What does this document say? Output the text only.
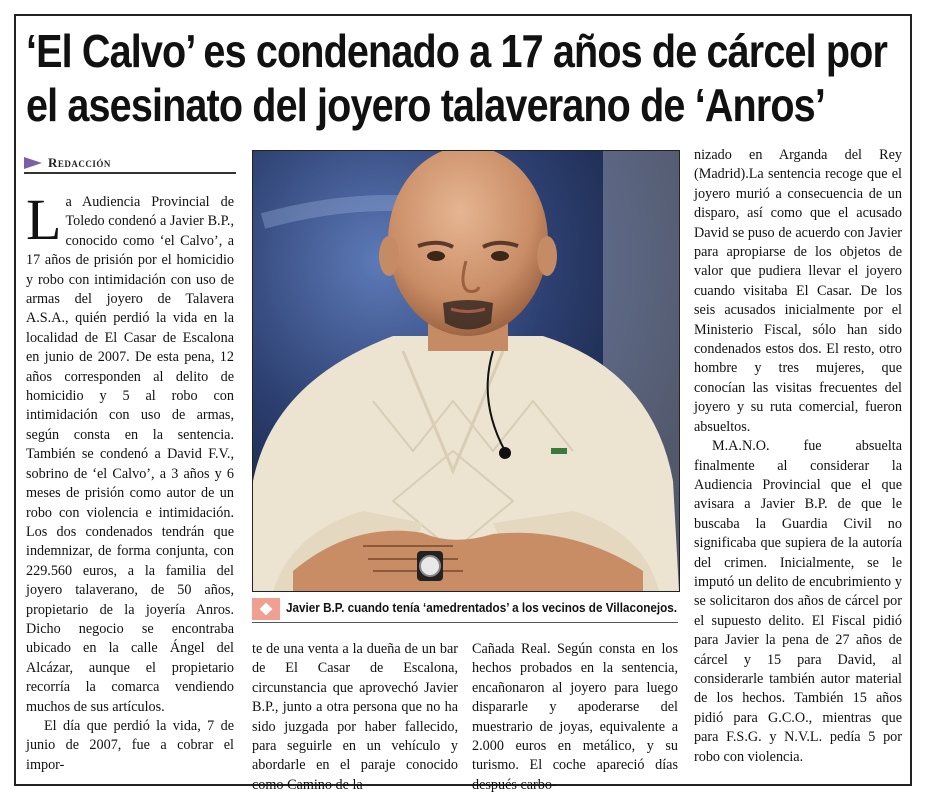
‘El Calvo’ es condenado a 17 años de cárcel por
el asesinato del joyero talaverano de ‘Anros’
Redacción

La Audiencia Provincial de Toledo condenó a Javier B.P., conocido como ‘el Calvo’, a 17 años de prisión por el homicidio y robo con intimidación con uso de armas del joyero de Talavera A.S.A., quién perdió la vida en la localidad de El Casar de Escalona en junio de 2007. De esta pena, 12 años corresponden al delito de homicidio y 5 al robo con intimidación con uso de armas, según consta en la sentencia. También se condenó a David F.V., sobrino de ‘el Calvo’, a 3 años y 6 meses de prisión como autor de un robo con violencia e intimidación. Los dos condenados tendrán que indemnizar, de forma conjunta, con 229.560 euros, a la familia del joyero talaverano, de 50 años, propietario de la joyería Anros. Dicho negocio se encontraba ubicado en la calle Ángel del Alcázar, aunque el propietario recorría la comarca vendiendo muchos de sus artículos.

El día que perdió la vida, 7 de junio de 2007, fue a cobrar el impor-

Javier B.P. cuando tenía ‘amedrentados’ a los vecinos de Villaconejos.

te de una venta a la dueña de un bar de El Casar de Escalona, circunstancia que aprovechó Javier B.P., junto a otra persona que no ha sido juzgada por haber fallecido, para seguirle en un vehículo y abordarle en el paraje conocido como Camino de la

Cañada Real. Según consta en los hechos probados en la sentencia, encañonaron al joyero para luego dispararle y apoderarse del muestrario de joyas, equivalente a 2.000 euros en metálico, y su turismo. El coche apareció días después carbo-

nizado en Arganda del Rey (Madrid).La sentencia recoge que el joyero murió a consecuencia de un disparo, así como que el acusado David se puso de acuerdo con Javier para apropiarse de los objetos de valor que pudiera llevar el joyero cuando visitaba El Casar. De los seis acusados inicialmente por el Ministerio Fiscal, sólo han sido condenados estos dos. El resto, otro hombre y tres mujeres, que conocían las visitas frecuentes del joyero y su ruta comercial, fueron absueltos.

M.A.N.O. fue absuelta finalmente al considerar la Audiencia Provincial que el que avisara a Javier B.P. de que le buscaba la Guardia Civil no significaba que supiera de la autoría del crimen. Inicialmente, se le imputó un delito de encubrimiento y se solicitaron dos años de cárcel por el supuesto delito. El Fiscal pidió para Javier la pena de 27 años de cárcel y 15 para David, al considerarle también autor material de los hechos. También 15 años pidió para G.C.O., mientras que para F.S.G. y N.V.L. pedía 5 por robo con violencia.
